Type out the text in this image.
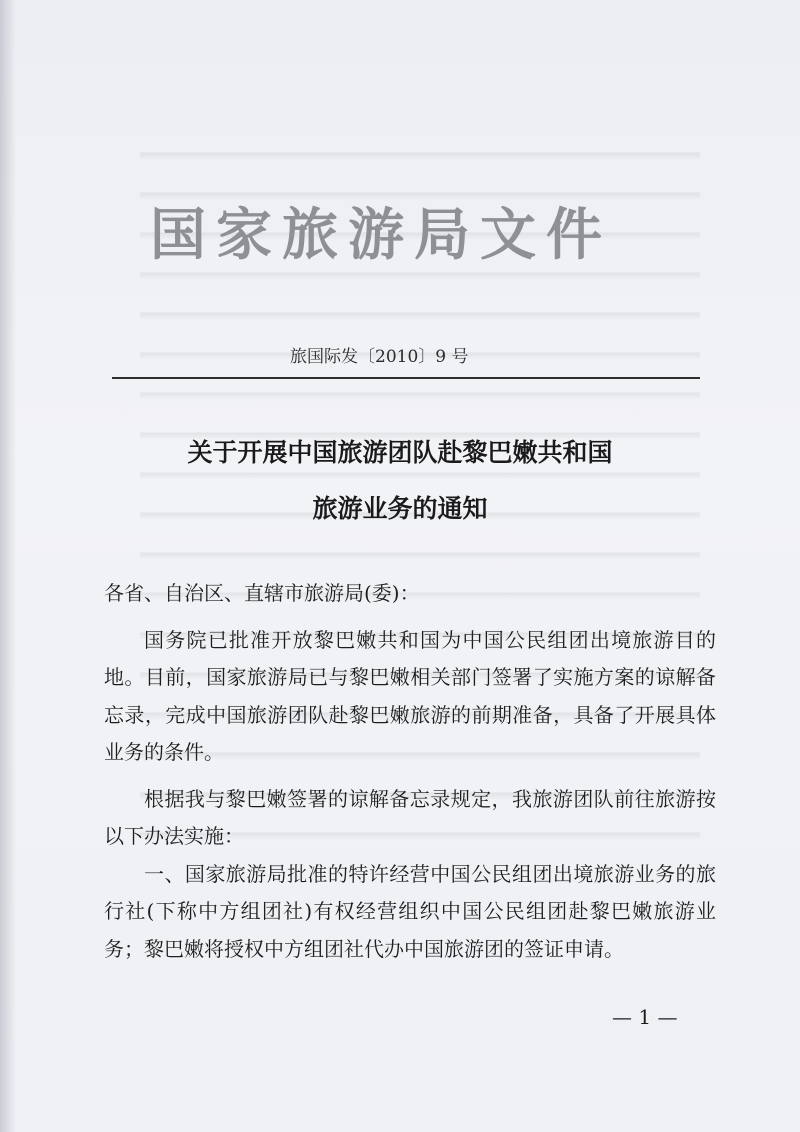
国家旅游局文件
旅国际发〔2010〕9 号
关于开展中国旅游团队赴黎巴嫩共和国
旅游业务的通知

各省、自治区、直辖市旅游局(委)：

国务院已批准开放黎巴嫩共和国为中国公民组团出境旅游目的地。目前，国家旅游局已与黎巴嫩相关部门签署了实施方案的谅解备忘录，完成中国旅游团队赴黎巴嫩旅游的前期准备，具备了开展具体业务的条件。

根据我与黎巴嫩签署的谅解备忘录规定，我旅游团队前往旅游按以下办法实施：

一、国家旅游局批准的特许经营中国公民组团出境旅游业务的旅行社(下称中方组团社)有权经营组织中国公民组团赴黎巴嫩旅游业务；黎巴嫩将授权中方组团社代办中国旅游团的签证申请。

— 1 —
